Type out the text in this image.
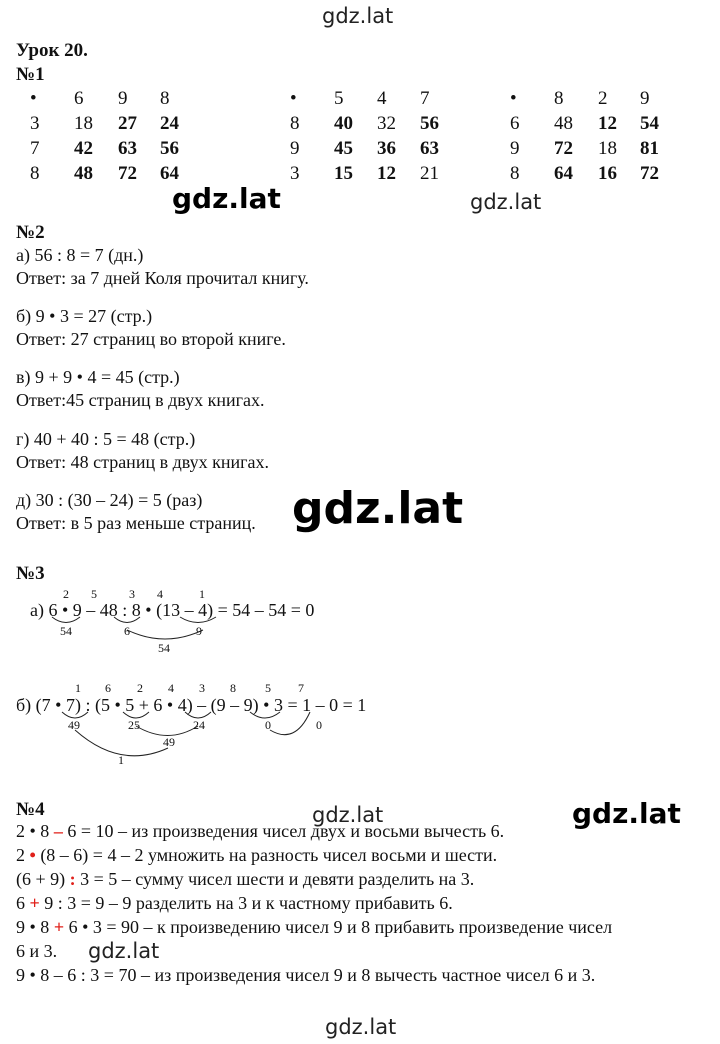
gdz.lat
gdz.lat	gdz.lat
gdz.lat
gdz.lat	gdz.lat
gdz.lat
gdz.lat
Урок 20.
№1
• 6 9 8
3 18 27 24
7 42 63 56
8 48 72 64
• 5 4 7
8 40 32 56
9 45 36 63
3 15 12 21
• 8 2 9
6 48 12 54
9 72 18 81
8 64 16 72
№2
а) 56 : 8 = 7 (дн.)
Ответ: за 7 дней Коля прочитал книгу.
б) 9 • 3 = 27 (стр.)
Ответ: 27 страниц во второй книге.
в) 9 + 9 • 4 = 45 (стр.)
Ответ:45 страниц в двух книгах.
г) 40 + 40 : 5 = 48 (стр.)
Ответ: 48 страниц в двух книгах.
д) 30 : (30 – 24) = 5 (раз)
Ответ: в 5 раз меньше страниц.
№3
2 5	3 4	1
а) 6 • 9 – 48 : 8 • (13 – 4) = 54 – 54 = 0
54	6	9
54
1 6 2 4 3 8 5 7
б) (7 • 7) : (5 • 5 + 6 • 4) – (9 – 9) • 3 = 1 – 0 = 1
49	25	24
49
0	0
1
№4
2 • 8 – 6 = 10 – из произведения чисел двух и восьми вычесть 6.
2 • (8 – 6) = 4 – 2 умножить на разность чисел восьми и шести.
(6 + 9) : 3 = 5 – сумму чисел шести и девяти разделить на 3.
6 + 9 : 3 = 9 – 9 разделить на 3 и к частному прибавить 6.
9 • 8 + 6 • 3 = 90 – к произведению чисел 9 и 8 прибавить произведение чисел
6 и 3.
9 • 8 – 6 : 3 = 70 – из произведения чисел 9 и 8 вычесть частное чисел 6 и 3.
